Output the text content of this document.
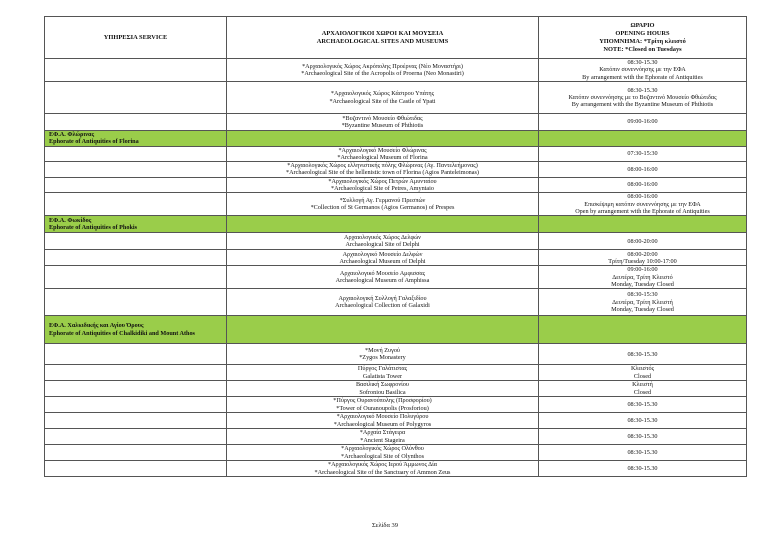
ΥΠΗΡΕΣΙΑ SERVICE	ΑΡΧΑΙΟΛΟΓΙΚΟΙ ΧΩΡΟΙ ΚΑΙ ΜΟΥΣΕΙΑ
ARCHAEOLOGICAL SITES AND MUSEUMS	ΩΡΑΡΙΟ
OPENING HOURS
ΥΠΟΜΝΗΜΑ: *Τρίτη κλειστό
NOTE: *Closed on Tuesdays

	*Αρχαιολογικός Χώρος Ακρόπολης Προέρνας (Νέο Μοναστήρι)
*Archaeological Site of the Acropolis of Proerna (Neo Monastiri)	08:30-15.30
Κατόπιν συνεννόησης με την ΕΦΑ
By arrangement with the Ephorate of Antiquities

	*Αρχαιολογικός Χώρος Κάστρου Υπάτης
*Archaeological Site of the Castle of Ypati	08:30-15.30
Κατόπιν συνεννόησης με το Βυζαντινό Μουσείο Φθιώτιδας
By arrangement with the Byzantine Museum of Phthiotis

	*Βυζαντινό Μουσείο Φθιώτιδας
*Byzantine Museum of Phthiotis	09:00-16:00

ΕΦ.Α. Φλώρινας
Ephorate of Antiquities of Florina		

	*Αρχαιολογικό Μουσείο Φλώρινας
*Archaeological Museum of Florina	07:30-15:30

	*Αρχαιολογικός Χώρος ελληνιστικής πόλης Φλώρινας (Αγ. Παντελεήμονας)
*Archaeological Site of the hellenistic town of Florina (Agios Panteleimonas)	08:00-16:00

	*Αρχαιολογικός Χώρος Πετρών Αμυνταίου
*Archaeological Site of Petres, Amyntaio	08:00-16:00

	*Συλλογή Αγ. Γερμανού Πρεσπών
*Collection of St Germanos (Agios Germanos) of Prespes	08:00-16:00
Επισκέψιμη κατόπιν συνεννόησης με την ΕΦΑ
Open by arrangement with the Ephorate of Antiquities

ΕΦ.Α. Φωκίδος
Ephorate of Antiquities of Phokis		

	Αρχαιολογικός Χώρος Δελφών
Archaeological Site of Delphi	08:00-20:00

	Αρχαιολογικό Μουσείο Δελφών
Archaeological Museum of Delphi	08:00-20:00
Τρίτη/Tuesday 10:00-17:00

	Αρχαιολογικό Μουσείο Αμφισσας
Archaeological Museum of Amphissa	09:00-16:00
Δευτέρα, Τρίτη Κλειστό
Monday, Tuesday Closed

	Αρχαιολογική Συλλογή Γαλαξιδίου
Archaeological Collection of Galaxidi	08:30-15:30
Δευτέρα, Τρίτη Κλειστή
Monday, Tuesday Closed

ΕΦ.Α. Χαλκιδικής και Αγίου Όρους
Ephorate of Antiquities of Chalkidiki and Mount Athos		

	*Μονή Ζυγού
*Zygos Monastery	08:30-15.30

	Πύργος Γαλάτιστας
Galatista Tower	Κλειστός
Closed

	Βασιλική Σωφρονίου
Sofroniou Basilica	Κλειστή
Closed

	*Πύργος Ουρανούπολης (Προσφορίου)
*Tower of Ouranoupolis (Prosforiou)	08:30-15.30

	*Αρχαιολογικό Μουσείο Πολυγύρου
*Archaeological Museum of Polygyros	08:30-15.30

	*Αρχαία Στάγειρα
*Ancient Stageira	08:30-15.30

	*Αρχαιολογικός Χώρος Ολύνθου
*Archaeological Site of Olynthos	08:30-15.30

	*Αρχαιολογικός Χώρος Ιερού Άμμωνος Δία
*Archaeological Site of the Sanctuary of Ammon Zeus	08:30-15.30
Σελίδα 39
